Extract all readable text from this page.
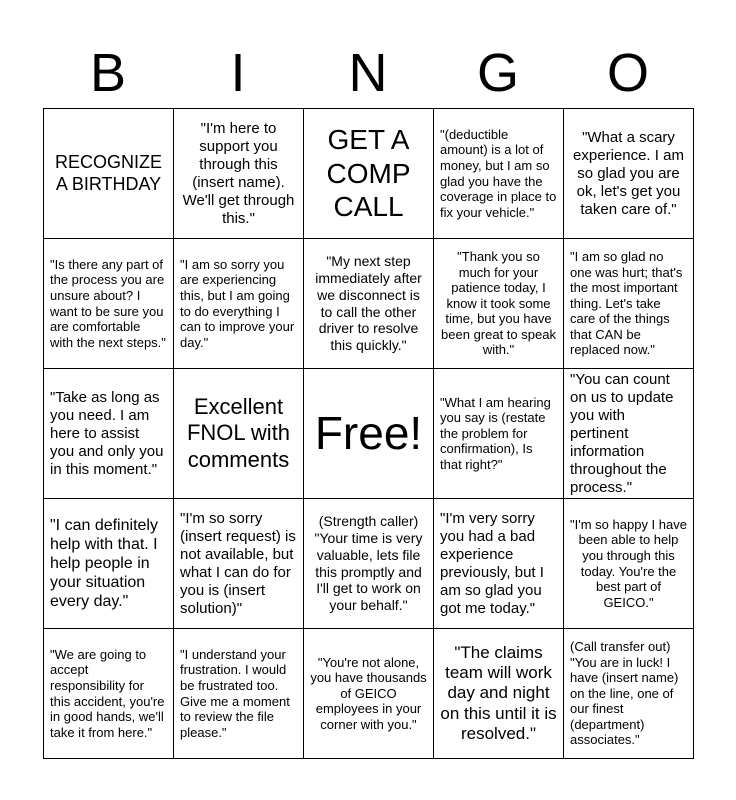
B	I	N	G	O
RECOGNIZE A BIRTHDAY	"I'm here to support you through this (insert name). We'll get through this."	GET A COMP CALL	"(deductible amount) is a lot of money, but I am so glad you have the coverage in place to fix your vehicle."	"What a scary experience. I am so glad you are ok, let's get you taken care of."
"Is there any part of the process you are unsure about? I want to be sure you are comfortable with the next steps."	"I am so sorry you are experiencing this, but I am going to do everything I can to improve your day."	"My next step immediately after we disconnect is to call the other driver to resolve this quickly."	"Thank you so much for your patience today, I know it took some time, but you have been great to speak with."	"I am so glad no one was hurt; that's the most important thing. Let's take care of the things that CAN be replaced now."
"Take as long as you need. I am here to assist you and only you in this moment."	Excellent FNOL with comments	Free!	"What I am hearing you say is (restate the problem for confirmation), Is that right?"	"You can count on us to update you with pertinent information throughout the process."
"I can definitely help with that. I help people in your situation every day."	"I'm so sorry (insert request) is not available, but what I can do for you is (insert solution)"	(Strength caller) "Your time is very valuable, lets file this promptly and I'll get to work on your behalf."	"I'm very sorry you had a bad experience previously, but I am so glad you got me today."	"I'm so happy I have been able to help you through this today. You're the best part of GEICO."
"We are going to accept responsibility for this accident, you're in good hands, we'll take it from here."	"I understand your frustration. I would be frustrated too. Give me a moment to review the file please."	"You're not alone, you have thousands of GEICO employees in your corner with you."	"The claims team will work day and night on this until it is resolved."	(Call transfer out) "You are in luck! I have (insert name) on the line, one of our finest (department) associates."
